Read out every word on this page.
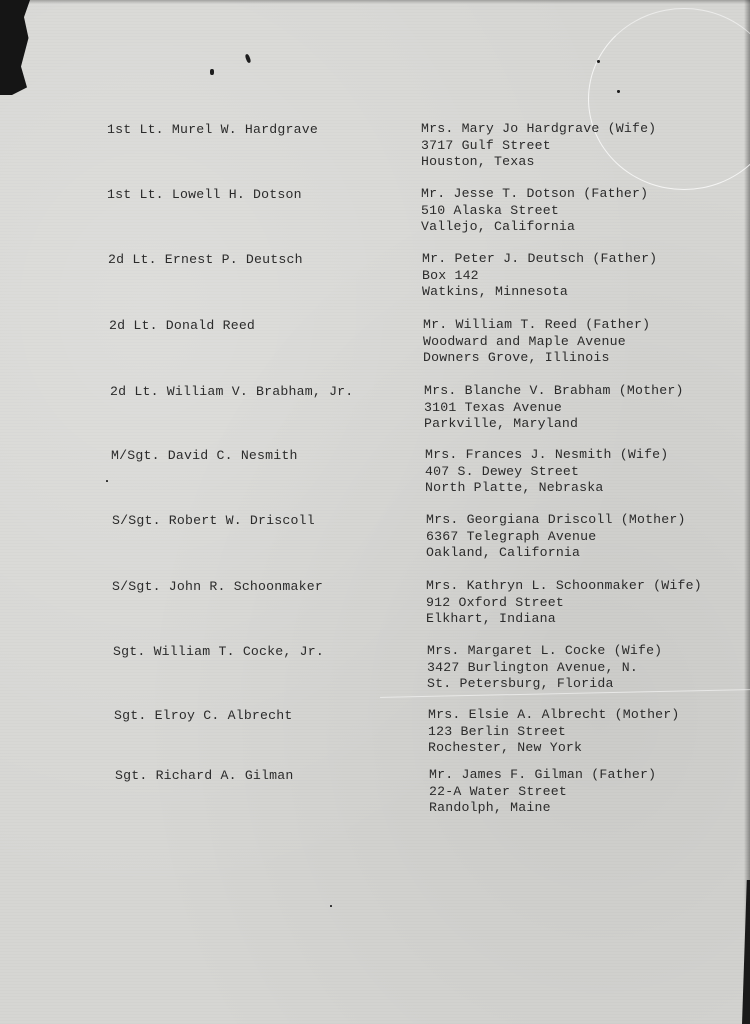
1st Lt. Murel W. Hardgrave	Mrs. Mary Jo Hardgrave (Wife)
3717 Gulf Street
Houston, Texas
1st Lt. Lowell H. Dotson	Mr. Jesse T. Dotson (Father)
510 Alaska Street
Vallejo, California
2d Lt. Ernest P. Deutsch	Mr. Peter J. Deutsch (Father)
Box 142
Watkins, Minnesota
2d Lt. Donald Reed	Mr. William T. Reed (Father)
Woodward and Maple Avenue
Downers Grove, Illinois
2d Lt. William V. Brabham, Jr.	Mrs. Blanche V. Brabham (Mother)
3101 Texas Avenue
Parkville, Maryland
M/Sgt. David C. Nesmith	Mrs. Frances J. Nesmith (Wife)
407 S. Dewey Street
North Platte, Nebraska
S/Sgt. Robert W. Driscoll	Mrs. Georgiana Driscoll (Mother)
6367 Telegraph Avenue
Oakland, California
S/Sgt. John R. Schoonmaker	Mrs. Kathryn L. Schoonmaker (Wife)
912 Oxford Street
Elkhart, Indiana
Sgt. William T. Cocke, Jr.	Mrs. Margaret L. Cocke (Wife)
3427 Burlington Avenue, N.
St. Petersburg, Florida
Sgt. Elroy C. Albrecht	Mrs. Elsie A. Albrecht (Mother)
123 Berlin Street
Rochester, New York
Sgt. Richard A. Gilman	Mr. James F. Gilman (Father)
22-A Water Street
Randolph, Maine
